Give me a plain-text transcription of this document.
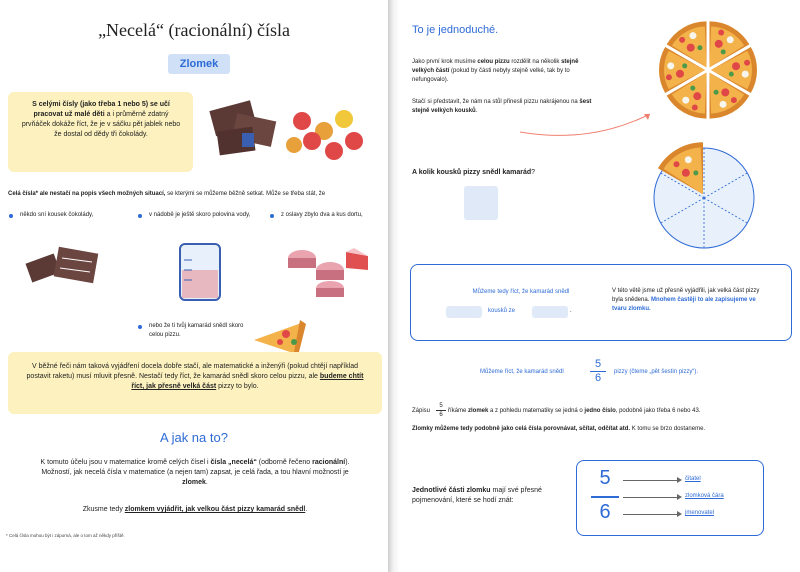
„Necelá“ (racionální) čísla
Zlomek
S celými čísly (jako třeba 1 nebo 5) se učí pracovat už malé děti a i průměrně zdatný prvňáček dokáže říct, že je v sáčku pět jablek nebo že dostal od dědy tři čokolády.
Celá čísla* ale nestačí na popis všech možných situací, se kterými se můžeme běžně setkat. Může se třeba stát, že
někdo sní kousek čokolády,	v nádobě je ještě skoro polovina vody,	z oslavy zbylo dva a kus dortu,
nebo že ti tvůj kamarád snědl skoro celou pizzu.
V běžné řeči nám taková vyjádření docela dobře stačí, ale matematické a inženýři (pokud chtějí například postavit raketu) musí mluvit přesně. Nestačí tedy říct, že kamarád snědl skoro celou pizzu, ale budeme chtít říct, jak přesně velká část pizzy to bylo.
A jak na to?
K tomuto účelu jsou v matematice kromě celých čísel i čísla „necelá“ (odborně řečeno racionální). Možností, jak necelá čísla v matematice (a nejen tam) zapsat, je celá řada, a tou hlavní možností je zlomek.
Zkusme tedy zlomkem vyjádřit, jak velkou část pizzy kamarád snědl.
* Celá čísla mohou být i záporná, ale o tom až někdy příště.
To je jednoduché.
Jako první krok musíme celou pizzu rozdělit na několik stejně velkých částí (pokud by části nebyly stejně velké, tak by to nefungovalo).
Stačí si představit, že nám na stůl přinesli pizzu nakrájenou na šest stejně velkých kousků.
A kolik kousků pizzy snědl kamarád?
Můžeme tedy říct, že kamarád snědl
kousků ze	.
V této větě jsme už přesně vyjádřili, jak velká část pizzy byla snědena. Mnohem častěji to ale zapisujeme ve tvaru zlomku.
Můžeme říct, že kamarád snědl
5
6	pizzy (čteme „pět šestin pizzy“).
Zápisu
5
6
říkáme zlomek a z pohledu matematiky se jedná o jedno číslo, podobně jako třeba 6 nebo 43.
Zlomky můžeme tedy podobně jako celá čísla porovnávat, sčítat, odčítat atd. K tomu se brzo dostaneme.
Jednotlivé části zlomku mají své přesné pojmenování, které se hodí znát:
5
6
čitatel
zlomková čára
jmenovatel
